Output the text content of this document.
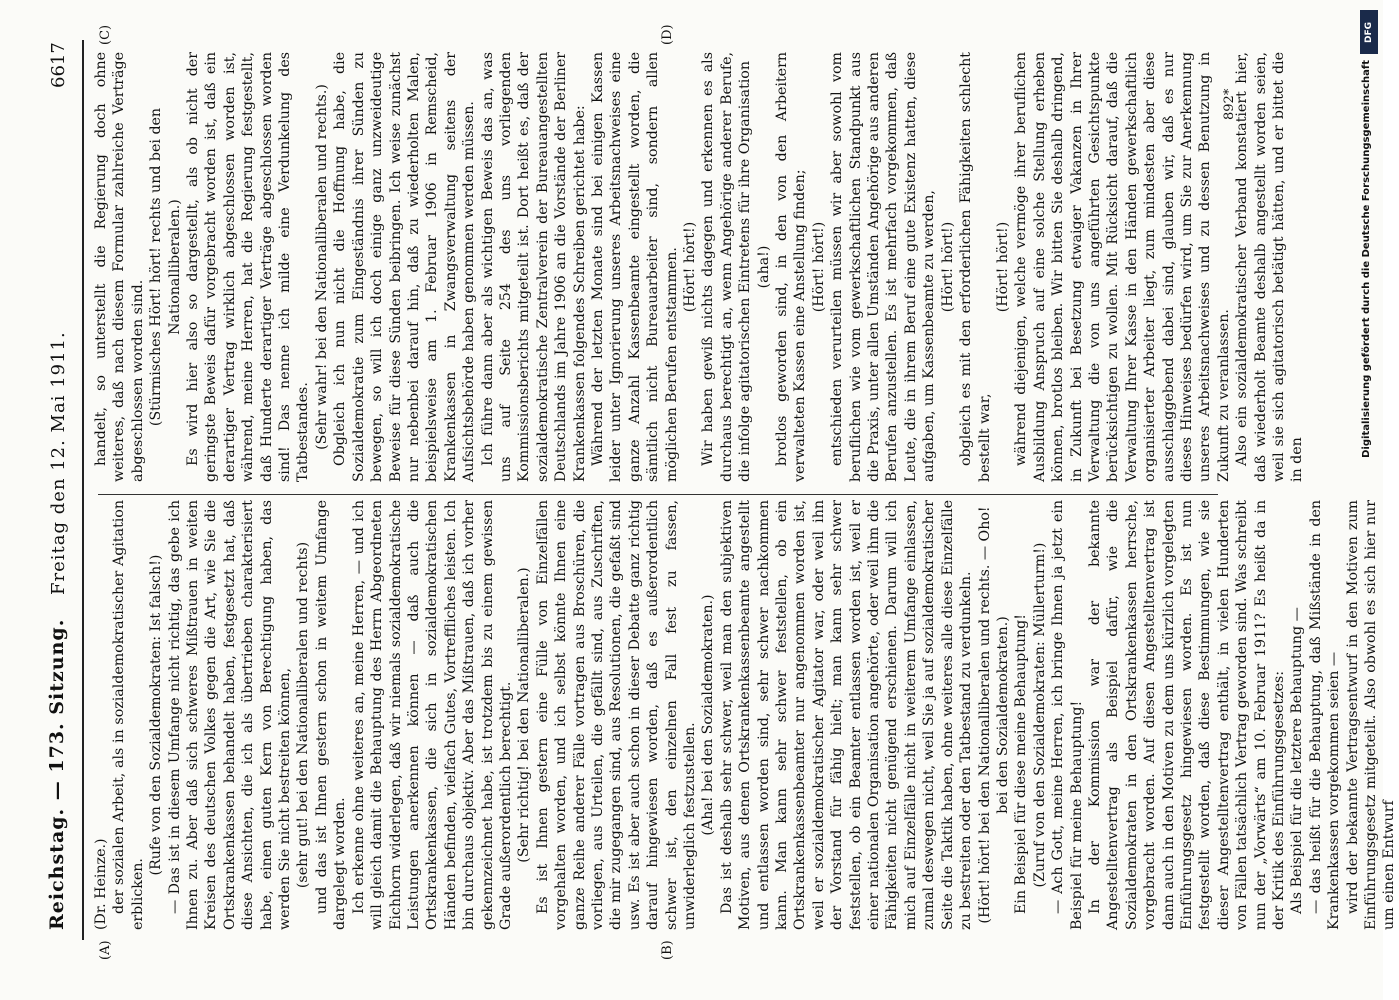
Reichstag. — 173. Sitzung.
Freitag den 12. Mai 1911.
6617
(A)	(B)
(C)	(D)

(Dr. Heinze.) der sozialen Arbeit, als in sozialdemokratischer Agitation erblicken.

(Rufe von den Sozialdemokraten: Ist falsch!) — Das ist in diesem Umfange nicht richtig, das gebe ich Ihnen zu. Aber daß sich schweres Mißtrauen in weiten Kreisen des deutschen Volkes gegen die Art, wie Sie die Ortskrankenkassen behandelt haben, festgesetzt hat, daß diese Ansichten, die ich als übertrieben charakterisiert habe, einen guten Kern von Berechtigung haben, das werden Sie nicht bestreiten können, (sehr gut! bei den Nationalliberalen und rechts) und das ist Ihnen gestern schon in weitem Umfange dargelegt worden. Ich erkenne ohne weiteres an, meine Herren, — und ich will gleich damit die Behauptung des Herrn Abgeordneten Eichhorn widerlegen, daß wir niemals sozialdemokratische Leistungen anerkennen können — daß auch die Ortskrankenkassen, die sich in sozialdemokratischen Händen befinden, vielfach Gutes, Vortreffliches leisten. Ich bin durchaus objektiv. Aber das Mißtrauen, daß ich vorher gekennzeichnet habe, ist trotzdem bis zu einem gewissen Grade außerordentlich berechtigt. (Sehr richtig! bei den Nationalliberalen.) Es ist Ihnen gestern eine Fülle von Einzelfällen vorgehalten worden, und ich selbst könnte Ihnen eine ganze Reihe anderer Fälle vortragen aus Broschüren, die vorliegen, aus Urteilen, die gefällt sind, aus Zuschriften, die mir zugegangen sind, aus Resolutionen, die gefaßt sind usw. Es ist aber auch schon in dieser Debatte ganz richtig darauf hingewiesen worden, daß es außerordentlich schwer ist, den einzelnen Fall fest zu fassen, unwiderleglich festzustellen. (Aha! bei den Sozialdemokraten.) Das ist deshalb sehr schwer, weil man den subjektiven Motiven, aus denen Ortskrankenkassenbeamte angestellt und entlassen worden sind, sehr schwer nachkommen kann. Man kann sehr schwer feststellen, ob ein Ortskrankenkassenbeamter nur angenommen worden ist, weil er sozialdemokratischer Agitator war, oder weil ihn der Vorstand für fähig hielt; man kann sehr schwer feststellen, ob ein Beamter entlassen worden ist, weil er einer nationalen Organisation angehörte, oder weil ihm die Fähigkeiten nicht genügend erschienen. Darum will ich mich auf Einzelfälle nicht in weiterem Umfange einlassen, zumal deswegen nicht, weil Sie ja auf sozialdemokratischer Seite die Taktik haben, ohne weiteres alle diese Einzelfälle zu bestreiten oder den Tatbestand zu verdunkeln. (Hört! hört! bei den Nationalliberalen und rechts. — Oho! bei den Sozialdemokraten.) Ein Beispiel für diese meine Behauptung! (Zuruf von den Sozialdemokraten: Müllerturm!) — Ach Gott, meine Herren, ich bringe Ihnen ja jetzt ein Beispiel für meine Behauptung! In der Kommission war der bekannte Angestelltenvertrag als Beispiel dafür, wie die Sozialdemokraten in den Ortskrankenkassen herrsche, vorgebracht worden. Auf diesen Angestelltenvertrag ist dann auch in den Motiven zu dem uns kürzlich vorgelegten Einführungsgesetz hingewiesen worden. Es ist nun festgestellt worden, daß diese Bestimmungen, wie sie dieser Angestelltenvertrag enthält, in vielen Hunderten von Fällen tatsächlich Vertrag geworden sind. Was schreibt nun der „Vorwärts“ am 10. Februar 1911? Es heißt da in der Kritik des Einführungsgesetzes: Als Beispiel für die letztere Behauptung — — das heißt für die Behauptung, daß Mißstände in den Krankenkassen vorgekommen seien — wird der bekannte Vertragsentwurf in den Motiven zum Einführungsgesetz mitgeteilt. Also obwohl es sich hier nur um einen Entwurf

handelt, so unterstellt die Regierung doch ohne weiteres, daß nach diesem Formular zahlreiche Verträge abgeschlossen worden sind. (Stürmisches Hört! hört! rechts und bei den Nationalliberalen.) Es wird hier also so dargestellt, als ob nicht der geringste Beweis dafür vorgebracht worden ist, daß ein derartiger Vertrag wirklich abgeschlossen worden ist, während, meine Herren, hat die Regierung festgestellt, daß Hunderte derartiger Verträge abgeschlossen worden sind! Das nenne ich milde eine Verdunkelung des Tatbestandes. (Sehr wahr! bei den Nationalliberalen und rechts.) Obgleich ich nun nicht die Hoffnung habe, die Sozialdemokratie zum Eingeständnis ihrer Sünden zu bewegen, so will ich doch einige ganz unzweideutige Beweise für diese Sünden beibringen. Ich weise zunächst nur nebenbei darauf hin, daß zu wiederholten Malen, beispielsweise am 1. Februar 1906 in Remscheid, Krankenkassen in Zwangsverwaltung seitens der Aufsichtsbehörde haben genommen werden müssen. Ich führe dann aber als wichtigen Beweis das an, was uns auf Seite 254 des uns vorliegenden Kommissionsberichts mitgeteilt ist. Dort heißt es, daß der sozialdemokratische Zentralverein der Bureauangestellten Deutschlands im Jahre 1906 an die Vorstände der Berliner Krankenkassen folgendes Schreiben gerichtet habe: Während der letzten Monate sind bei einigen Kassen leider unter Ignorierung unseres Arbeitsnachweises eine ganze Anzahl Kassenbeamte eingestellt worden, die sämtlich nicht Bureauarbeiter sind, sondern allen möglichen Berufen entstammen. (Hört! hört!) Wir haben gewiß nichts dagegen und erkennen es als durchaus berechtigt an, wenn Angehörige anderer Berufe, die infolge agitatorischen Eintretens für ihre Organisation (aha!) brotlos geworden sind, in den von den Arbeitern verwalteten Kassen eine Anstellung finden; (Hört! hört!) entschieden verurteilen müssen wir aber sowohl vom beruflichen wie vom gewerkschaftlichen Standpunkt aus die Praxis, unter allen Umständen Angehörige aus anderen Berufen anzustellen. Es ist mehrfach vorgekommen, daß Leute, die in ihrem Beruf eine gute Existenz hatten, diese aufgaben, um Kassenbeamte zu werden, (Hört! hört!) obgleich es mit den erforderlichen Fähigkeiten schlecht bestellt war,

(Hört! hört!) während diejenigen, welche vermöge ihrer beruflichen Ausbildung Anspruch auf eine solche Stellung erheben können, brotlos bleiben. Wir bitten Sie deshalb dringend, in Zukunft bei Besetzung etwaiger Vakanzen in Ihrer Verwaltung die von uns angeführten Gesichtspunkte berücksichtigen zu wollen. Mit Rücksicht darauf, daß die Verwaltung Ihrer Kasse in den Händen gewerkschaftlich organisierter Arbeiter liegt, zum mindesten aber diese ausschlaggebend dabei sind, glauben wir, daß es nur dieses Hinweises bedürfen wird, um Sie zur Anerkennung unseres Arbeitsnachweises und zu dessen Benutzung in Zukunft zu veranlassen. Also ein sozialdemokratischer Verband konstatiert hier, daß wiederholt Beamte deshalb angestellt worden seien, weil sie sich agitatorisch betätigt hätten, und er bittet die in den

892*
DFG
Digitalisierung gefördert durch die Deutsche Forschungsgemeinschaft
